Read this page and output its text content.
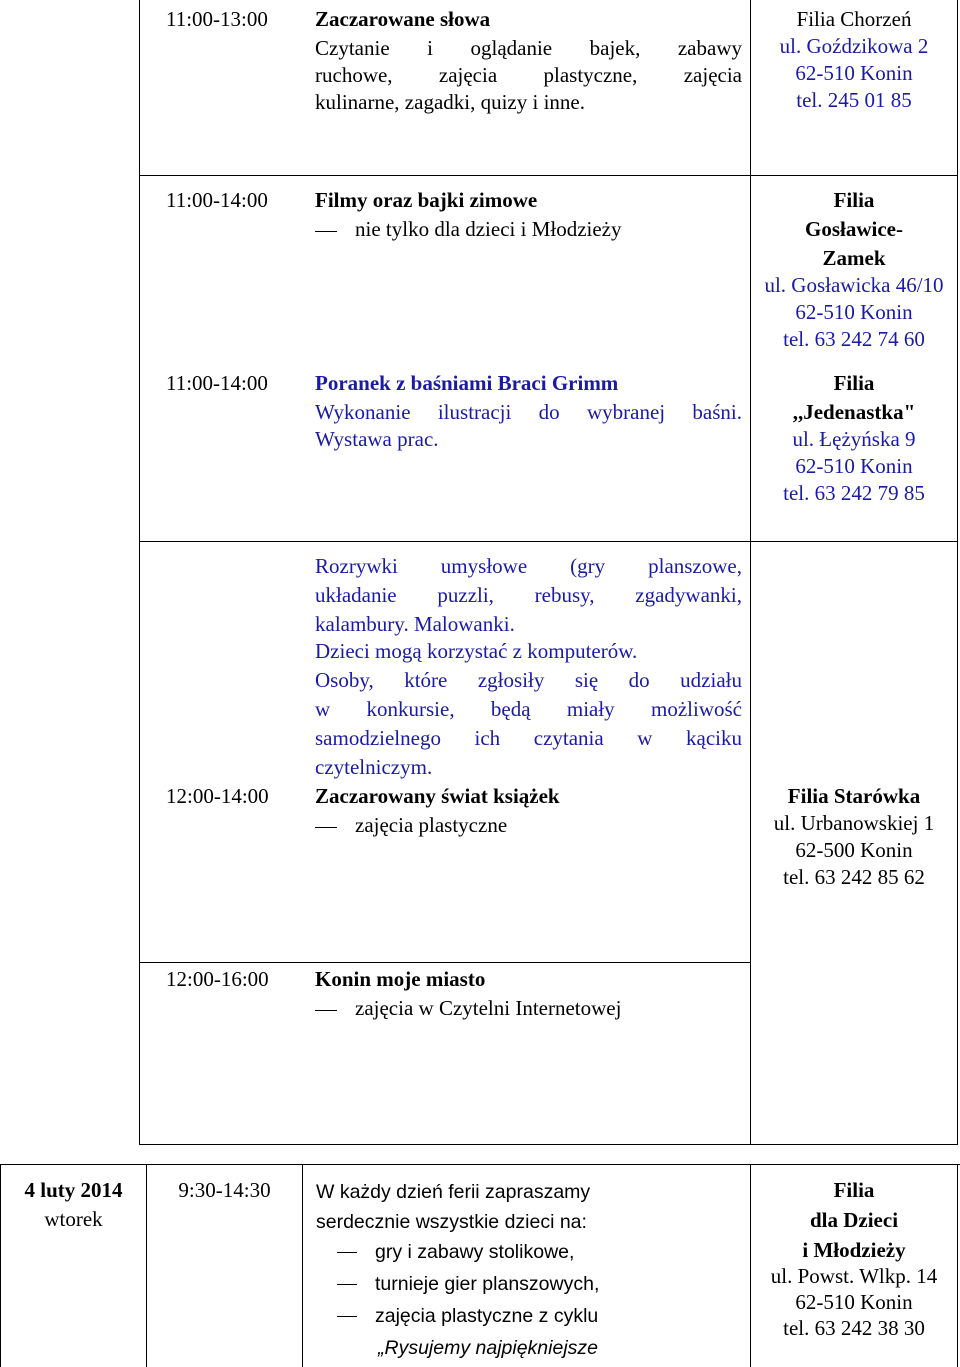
11:00-13:00 Zaczarowane słowa
Czytanie i oglądanie bajek, zabawy
ruchowe, zajęcia plastyczne, zajęcia
kulinarne, zagadki, quizy i inne.
Filia Chorzeń
ul. Goździkowa 2
62-510 Konin
tel. 245 01 85
11:00-14:00 Filmy oraz bajki zimowe
nie tylko dla dzieci i Młodzieży
Filia
Gosławice-
Zamek
ul. Gosławicka 46/10
62-510 Konin
tel. 63 242 74 60
11:00-14:00 Poranek z baśniami Braci Grimm
Wykonanie ilustracji do wybranej baśni.
Wystawa prac.
Filia
,,Jedenastka"
ul. Łężyńska 9
62-510 Konin
tel. 63 242 79 85
Rozrywki umysłowe (gry planszowe,
układanie puzzli, rebusy, zgadywanki,
kalambury. Malowanki.
Dzieci mogą korzystać z komputerów.
Osoby, które zgłosiły się do udziału
w konkursie, będą miały możliwość
samodzielnego ich czytania w kąciku
czytelniczym.
12:00-14:00 Zaczarowany świat książek
zajęcia plastyczne
Filia Starówka
ul. Urbanowskiej 1
62-500 Konin
tel. 63 242 85 62
12:00-16:00 Konin moje miasto
zajęcia w Czytelni Internetowej
4 luty 2014
wtorek
9:30-14:30	W każdy dzień ferii zapraszamy
serdecznie wszystkie dzieci na:
gry i zabawy stolikowe,
turnieje gier planszowych,
zajęcia plastyczne z cyklu
„Rysujemy najpiękniejsze
Filia
dla Dzieci
i Młodzieży
ul. Powst. Wlkp. 14
62-510 Konin
tel. 63 242 38 30
